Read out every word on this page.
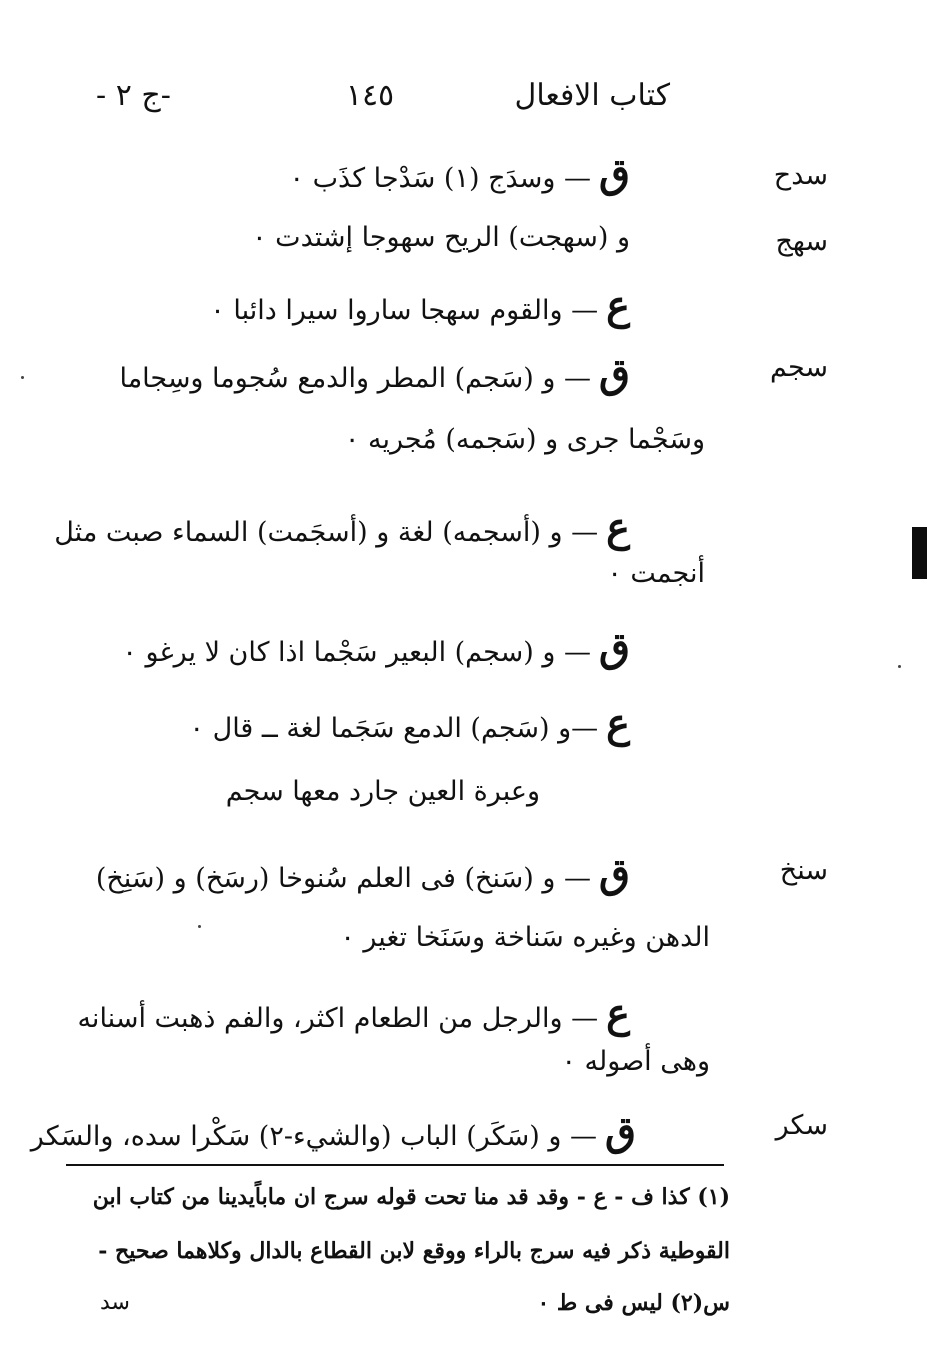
كتاب الافعال
١٤٥
-ج ٢ -
سدح
سهج
سجم
سنخ
سكر
ق— وسدَج (١) سَدْجا كذَب ٠
و (سهجت) الريح سهوجا إشتدت ٠
ع— والقوم سهجا ساروا سيرا دائبا ٠
ق— و (سَجم) المطر والدمع سُجوما وسِجاما
وسَجْما جرى و (سَجمه) مُجريه ٠
ع— و (أسجمه) لغة و (أسجَمت) السماء صبت مثل
أنجمت ٠
ق— و (سجم) البعير سَجْما اذا كان لا يرغو ٠
ع—و (سَجم) الدمع سَجَما لغة ــ قال ٠
وعبرة العين جارد معها سجم
ق— و (سَنخ) فى العلم سُنوخا (رسَخ) و (سَنِخ)
الدهن وغيره سَناخة وسَنَخا تغير ٠
ع— والرجل من الطعام اكثر، والفم ذهبت أسنانه
وهى أصوله ٠
ق— و (سَكَر) الباب (والشيء-٢) سَكْرا سده، والسَكر
(١) كذا ف - ع - وقد قد منا تحت قوله سرج ان ماباًيدينا من كتاب ابن
القوطية ذكر فيه سرج بالراء ووقع لابن القطاع بالدال وكلاهما صحيح -
س(٢) ليس فى ط ٠
سد
